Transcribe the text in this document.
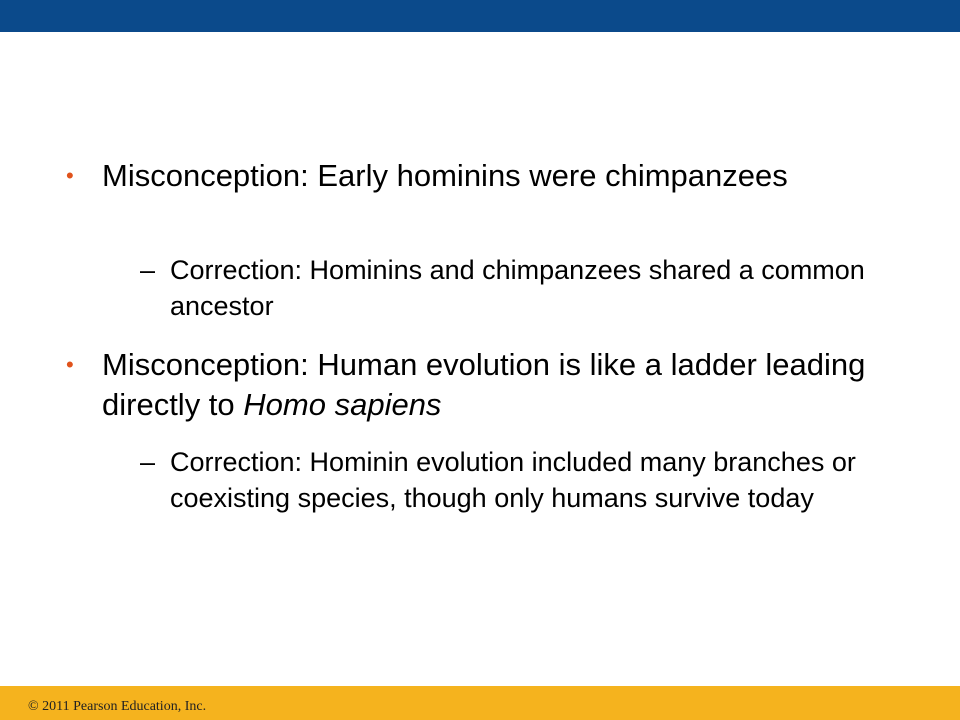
• Misconception: Early hominins were chimpanzees
– Correction: Hominins and chimpanzees shared a common ancestor
• Misconception: Human evolution is like a ladder leading directly to Homo sapiens
– Correction: Hominin evolution included many branches or coexisting species, though only humans survive today
© 2011 Pearson Education, Inc.
